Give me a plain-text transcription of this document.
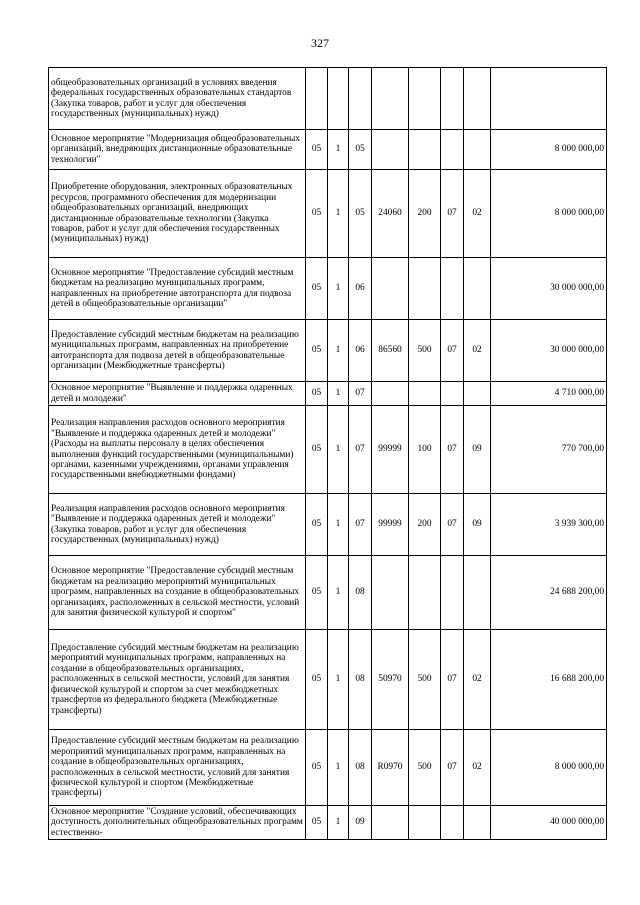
327
общеобразовательных организаций в условиях введения федеральных государственных образовательных стандартов (Закупка товаров, работ и услуг для обеспечения государственных (муниципальных) нужд)								
Основное мероприятие "Модернизация общеобразовательных организаций, внедряющих дистанционные образовательные технологии"	05	1	05					8 000 000,00
Приобретение оборудования, электронных образовательных ресурсов, программного обеспечения для модернизации общеобразовательных организаций, внедряющих дистанционные образовательные технологии (Закупка товаров, работ и услуг для обеспечения государственных (муниципальных) нужд)	05	1	05	24060	200	07	02	8 000 000,00
Основное мероприятие "Предоставление субсидий местным бюджетам на реализацию муниципальных программ, направленных на приобретение автотранспорта для подвоза детей в общеобразовательные организации"	05	1	06					30 000 000,00
Предоставление субсидий местным бюджетам на реализацию муниципальных программ, направленных на приобретение автотранспорта для подвоза детей в общеобразовательные организации (Межбюджетные трансферты)	05	1	06	86560	500	07	02	30 000 000,00
Основное мероприятие "Выявление и поддержка одаренных детей и молодежи"	05	1	07					4 710 000,00
Реализация направления расходов основного мероприятия "Выявление и поддержка одаренных детей и молодежи" (Расходы на выплаты персоналу в целях обеспечения выполнения функций государственными (муниципальными) органами, казенными учреждениями, органами управления государственными внебюджетными фондами)	05	1	07	99999	100	07	09	770 700,00
Реализация направления расходов основного мероприятия "Выявление и поддержка одаренных детей и молодежи" (Закупка товаров, работ и услуг для обеспечения государственных (муниципальных) нужд)	05	1	07	99999	200	07	09	3 939 300,00
Основное мероприятие "Предоставление субсидий местным бюджетам на реализацию мероприятий муниципальных программ, направленных на создание в общеобразовательных организациях, расположенных в сельской местности, условий для занятия физической культурой и спортом"	05	1	08					24 688 200,00
Предоставление субсидий местным бюджетам на реализацию мероприятий муниципальных программ, направленных на создание в общеобразовательных организациях, расположенных в сельской местности, условий для занятия физической культурой и спортом за счет межбюджетных трансфертов из федерального бюджета (Межбюджетные трансферты)	05	1	08	50970	500	07	02	16 688 200,00
Предоставление субсидий местным бюджетам на реализацию мероприятий муниципальных программ, направленных на создание в общеобразовательных организациях, расположенных в сельской местности, условий для занятия физической культурой и спортом (Межбюджетные трансферты)	05	1	08	R0970	500	07	02	8 000 000,00
Основное мероприятие "Создание условий, обеспечивающих доступность дополнительных общеобразовательных программ естественно-	05	1	09					40 000 000,00
